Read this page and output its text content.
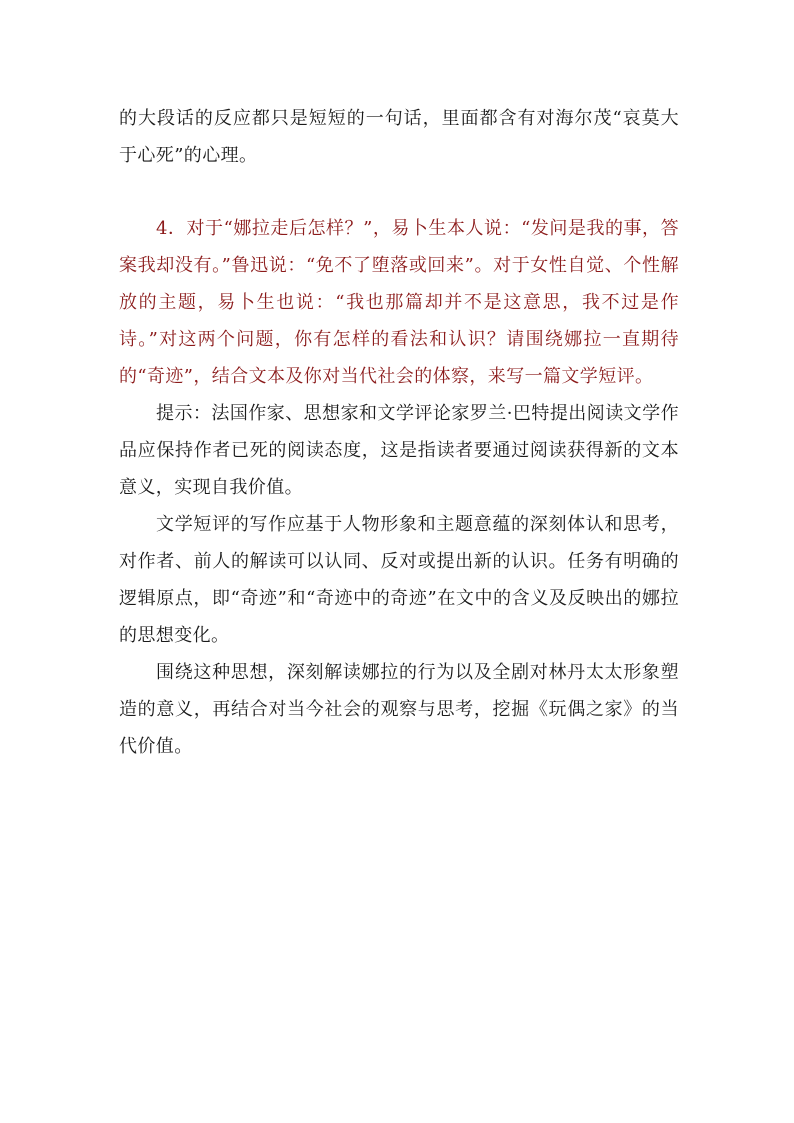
的大段话的反应都只是短短的一句话，里面都含有对海尔茂“哀莫大于心死”的心理。

4．对于“娜拉走后怎样？”，易卜生本人说：“发问是我的事，答案我却没有。”鲁迅说：“免不了堕落或回来”。对于女性自觉、个性解放的主题，易卜生也说：“我也那篇却并不是这意思，我不过是作诗。”对这两个问题，你有怎样的看法和认识？请围绕娜拉一直期待的“奇迹”，结合文本及你对当代社会的体察，来写一篇文学短评。

提示：法国作家、思想家和文学评论家罗兰·巴特提出阅读文学作品应保持作者已死的阅读态度，这是指读者要通过阅读获得新的文本意义，实现自我价值。

文学短评的写作应基于人物形象和主题意蕴的深刻体认和思考，对作者、前人的解读可以认同、反对或提出新的认识。任务有明确的逻辑原点，即“奇迹”和“奇迹中的奇迹”在文中的含义及反映出的娜拉的思想变化。

围绕这种思想，深刻解读娜拉的行为以及全剧对林丹太太形象塑造的意义，再结合对当今社会的观察与思考，挖掘《玩偶之家》的当代价值。
